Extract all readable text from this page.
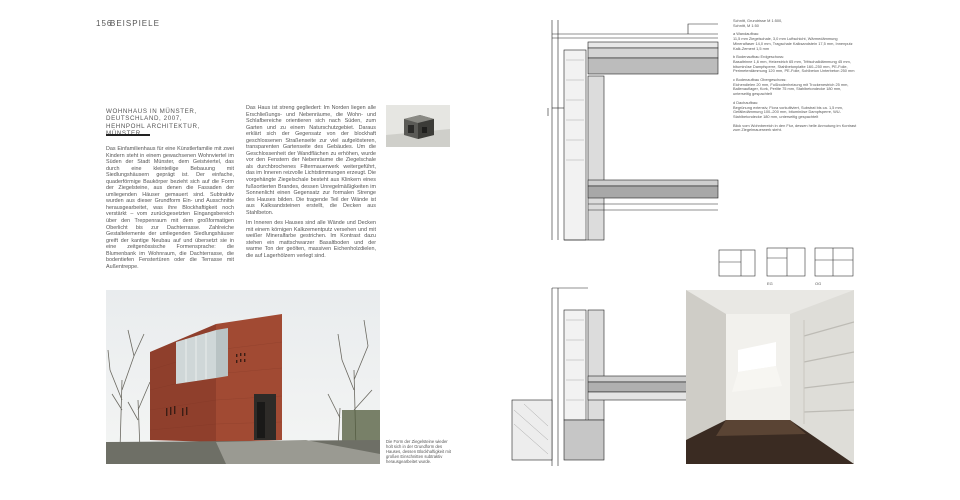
156
BEISPIELE
WOHNHAUS IN MÜNSTER,
DEUTSCHLAND, 2007,
HEHNPOHL ARCHITEKTUR,

Das Einfamilienhaus für eine Künstlerfamilie mit zwei Kindern steht in einem gewachsenen Wohnviertel im Süden der Stadt Münster, dem Geistviertel, das durch eine kleinteilige Bebauung mit Siedlungshäusern geprägt ist. Der einfache, quaderförmige Baukörper bezieht sich auf die Form der Ziegelsteine, aus denen die Fassaden der umliegenden Häuser gemauert sind. Subtraktiv wurden aus dieser Grundform Ein- und Ausschnitte herausgearbeitet, was ihre Blockhaftigkeit noch verstärkt – vom zurückgesetzten Eingangsbereich über den Treppenraum mit dem großformatigen Oberlicht bis zur Dachterrasse. Zahlreiche Gestaltelemente der umliegenden Siedlungshäuser greift der kantige Neubau auf und übersetzt sie in eine zeitgenössische Formensprache: die Blumenbank im Wohnraum, die Dachterrasse, die bodentiefen Fenstertüren oder die Terrasse mit Außentreppe.

Das Haus ist streng gegliedert: Im Norden liegen alle Erschließungs- und Nebenräume, die Wohn- und Schlafbereiche orientieren sich nach Süden, zum Garten und zu einem Naturschutzgebiet. Daraus erklärt sich der Gegensatz von der blockhaft geschlossenen Straßenseite zur viel aufgelösteren, transparenten Gartenseite des Gebäudes. Um die Geschlossenheit der Wandflächen zu erhöhen, wurde vor den Fenstern der Nebenräume die Ziegelschale als durchbrochenes Filtermauerwerk weitergeführt, das im Inneren reizvolle Lichtstimmungen erzeugt. Die vorgehängte Ziegelschale besteht aus Klinkern eines fußsortierten Brandes, dessen Unregelmäßigkeiten im Sonnenlicht einen Gegensatz zur formalen Strenge des Hauses bilden. Die tragende Teil der Wände ist aus Kalksandsteinen erstellt, die Decken aus Stahlbeton.

Im Inneren des Hauses sind alle Wände und Decken mit einem körnigen Kalkzementputz versehen und mit weißer Mineralfarbe gestrichen. Im Kontrast dazu stehen ein mattschwarzer Basaltboden und der warme Ton der geölten, massiven Eichenholzdielen, die auf Lagerhölzern verlegt sind.

Die Form der Ziegelsteine wieder holt sich in der Grundform des Hauses, dessen Blockhaftigkeit mit großen Einschnitten subtraktiv herausgearbeitet wurde.
Schnitt, Grundrisse M 1:500,
Schnitt, M 1:50
a Wandaufbau:
11,5 mm Ziegelschale, 3,0 mm Luftschicht, Wärmedämmung Mineralfaser 14,0 mm, Tragschale Kalksandstein 17,5 mm, Innenputz Kalk-Zement 1,5 mm
b Bodenaufbau Erdgeschoss:
Basaltrinne 1,6 mm, Heizestrich 65 mm, Trittschalldämmung 45 mm, bituminöse Dampfsperre, Stahlbetonplatte 160–250 mm, PE-Folie, Perimeterdämmung 120 mm, PE-Folie, Sohlbeton Unterbeton 250 mm
c Bodenaufbau Obergeschoss:
Eichendielen 20 mm, Fußbodenheizung mit Trockenestrich 25 mm, Ballenauflager, Kork, Perlite 75 mm, Stahlbetondecke 180 mm, unterseitig gespachtelt
d Dachaufbau:
Begrünung extensiv, Flora vorkultiviert, Substrat bis ca. 1,5 mm, Gefälledämmung 100–200 mm, bituminöse Dampfsperre, WU-Stahlbetondecke 180 mm, unterseitig gespachtelt
Blick vom Wohnbereich in den Flur, dessen helle Anmutung im Kontrast zum Ziegelmauerwerk steht.
EG	OG
